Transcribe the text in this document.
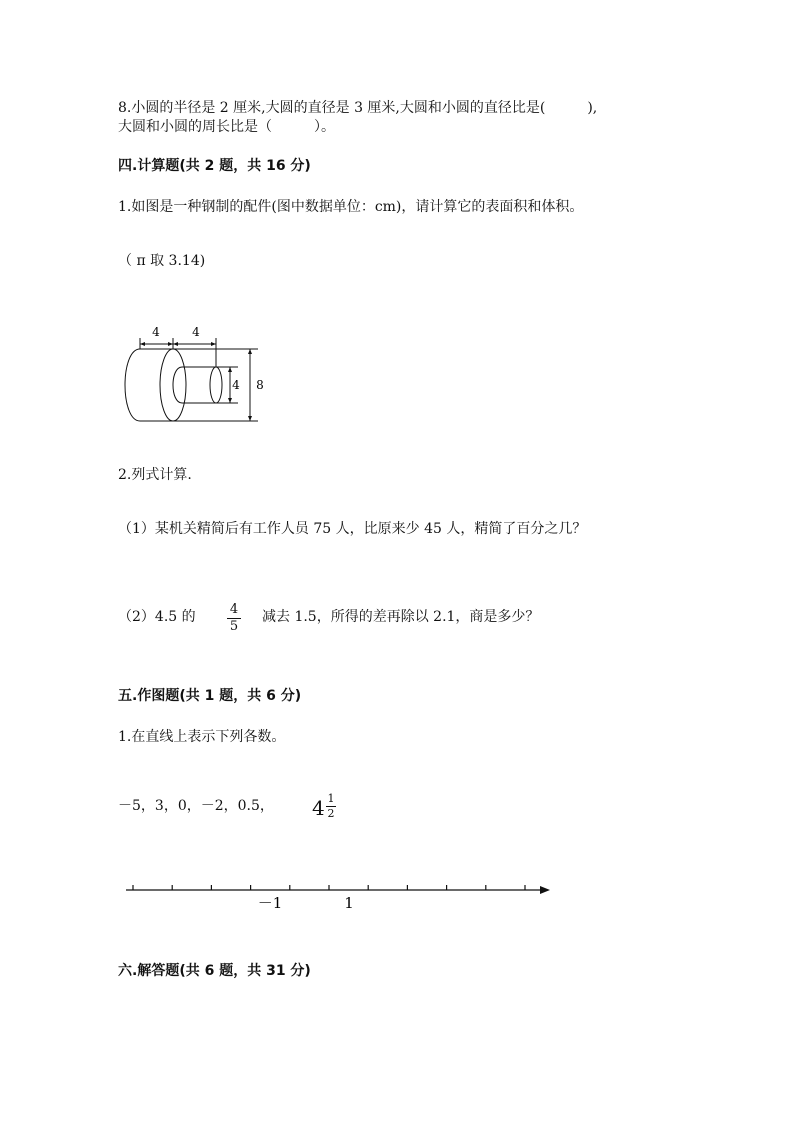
8.小圆的半径是 2 厘米,大圆的直径是 3 厘米,大圆和小圆的直径比是(　　　),
大圆和小圆的周长比是（　　　）。
四.计算题(共 2 题，共 16 分)
1.如图是一种钢制的配件(图中数据单位：cm)，请计算它的表面积和体积。
（ π 取 3.14)
4	4
4 8
2.列式计算.
（1）某机关精简后有工作人员 75 人，比原来少 45 人，精简了百分之几？
（2）4.5 的	4
5
减去 1.5，所得的差再除以 2.1，商是多少？
五.作图题(共 1 题，共 6 分)
1.在直线上表示下列各数。
－5，3，0，－2，0.5， 4 1
2
－1	1
六.解答题(共 6 题，共 31 分)
